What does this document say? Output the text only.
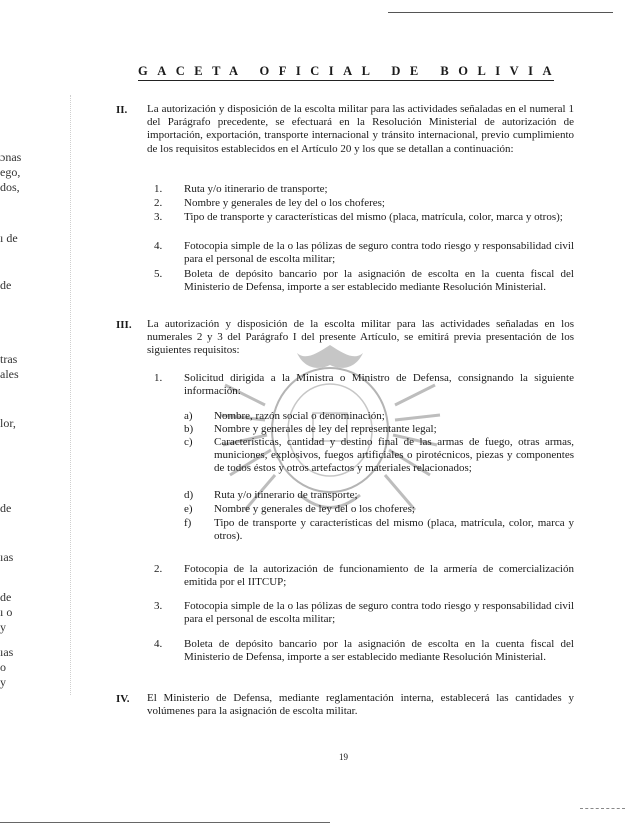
ɔnas
ego,
dos,
ı de
de
tras
ales
lor,
de
ıas
de
ı o
y
ıas
o
y
GACETA OFICIAL DE BOLIVIA
II. La autorización y disposición de la escolta militar para las actividades señaladas en el numeral 1 del Parágrafo precedente, se efectuará en la Resolución Ministerial de autorización de importación, exportación, transporte internacional y tránsito internacional, previo cumplimiento de los requisitos establecidos en el Artículo 20 y los que se detallan a continuación:
1. Ruta y/o itinerario de transporte;
2. Nombre y generales de ley del o los choferes;
3. Tipo de transporte y características del mismo (placa, matrícula, color, marca y otros);
4. Fotocopia simple de la o las pólizas de seguro contra todo riesgo y responsabilidad civil para el personal de escolta militar;
5. Boleta de depósito bancario por la asignación de escolta en la cuenta fiscal del Ministerio de Defensa, importe a ser establecido mediante Resolución Ministerial.
III. La autorización y disposición de la escolta militar para las actividades señaladas en los numerales 2 y 3 del Parágrafo I del presente Artículo, se emitirá previa presentación de los siguientes requisitos:
1. Solicitud dirigida a la Ministra o Ministro de Defensa, consignando la siguiente información:
a) Nombre, razón social o denominación;
b) Nombre y generales de ley del representante legal;
c) Características, cantidad y destino final de las armas de fuego, otras armas, municiones, explosivos, fuegos artificiales o pirotécnicos, piezas y componentes de todos éstos y otros artefactos y materiales relacionados;
d) Ruta y/o itinerario de transporte;
e) Nombre y generales de ley del o los choferes;
f) Tipo de transporte y características del mismo (placa, matrícula, color, marca y otros).
2. Fotocopia de la autorización de funcionamiento de la armería de comercialización emitida por el IITCUP;
3. Fotocopia simple de la o las pólizas de seguro contra todo riesgo y responsabilidad civil para el personal de escolta militar;
4. Boleta de depósito bancario por la asignación de escolta en la cuenta fiscal del Ministerio de Defensa, importe a ser establecido mediante Resolución Ministerial.
IV. El Ministerio de Defensa, mediante reglamentación interna, establecerá las cantidades y volúmenes para la asignación de escolta militar.
19
